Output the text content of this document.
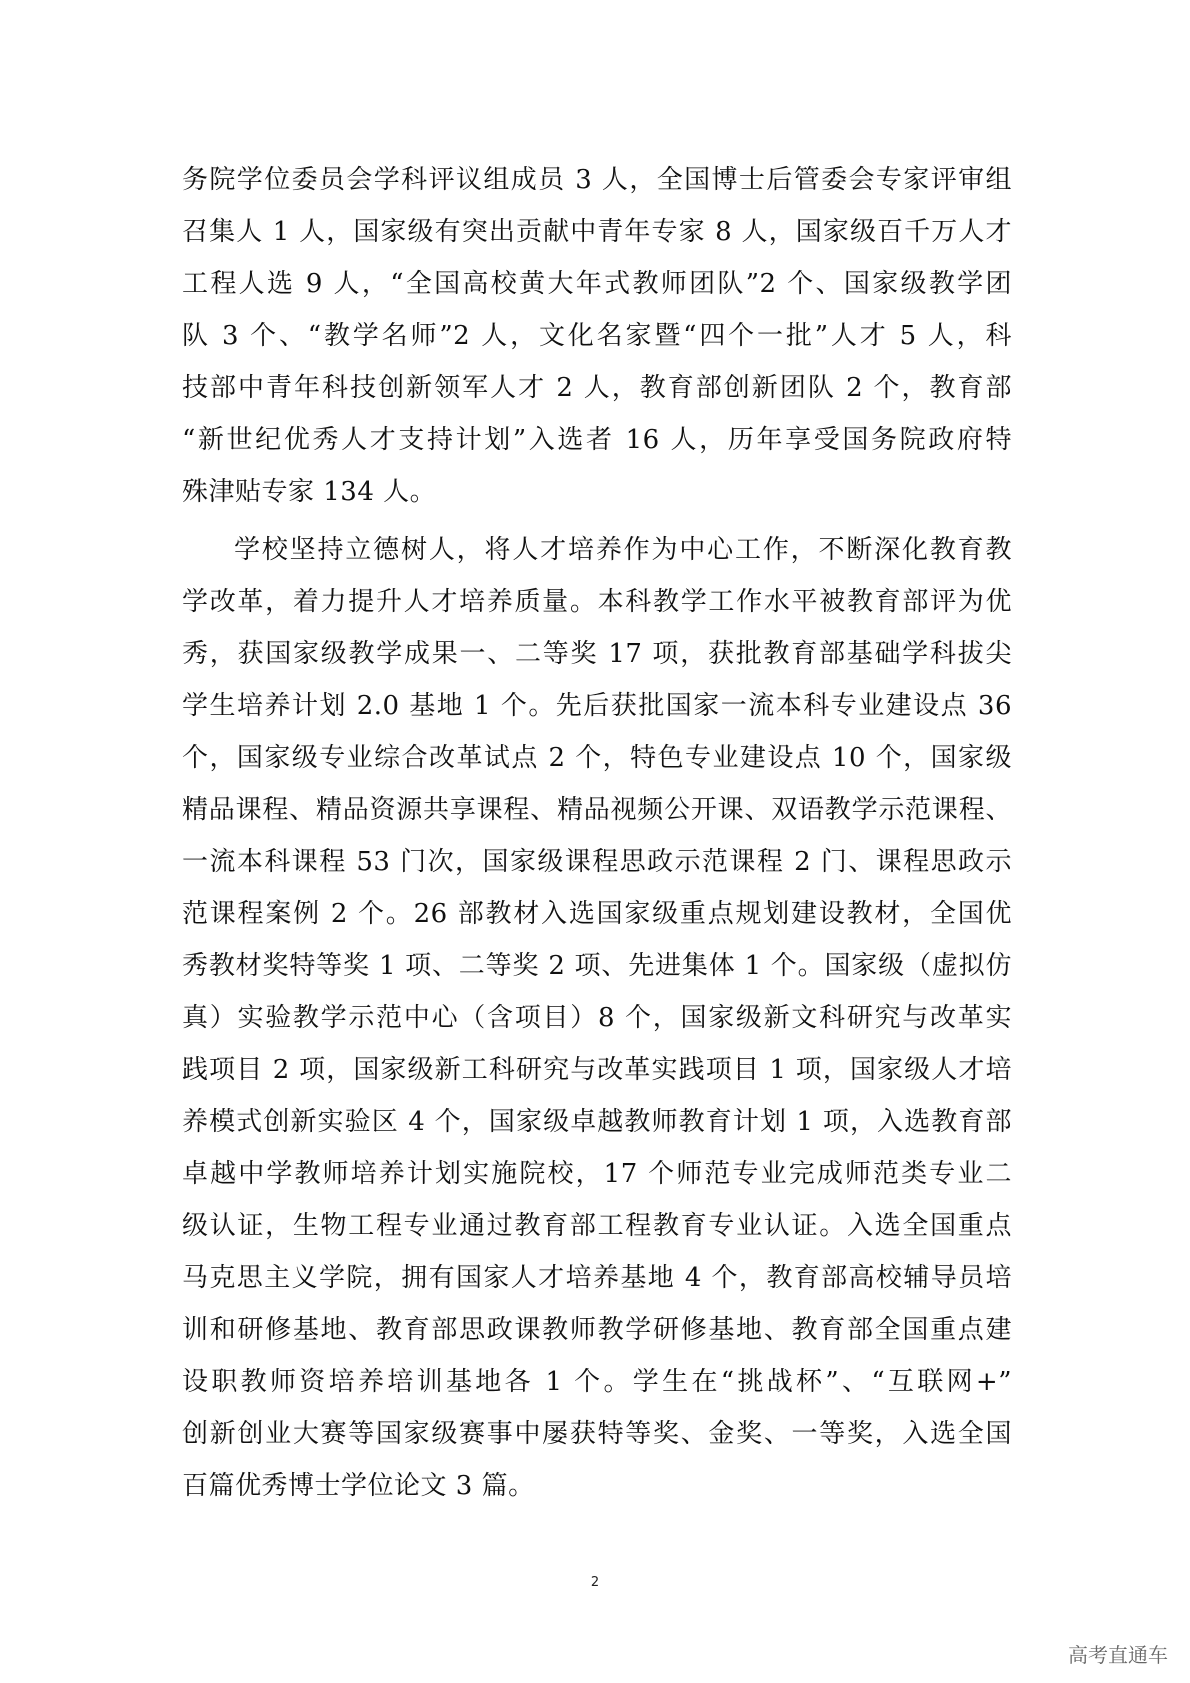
务院学位委员会学科评议组成员 3 人，全国博士后管委会专家评审组
召集人 1 人，国家级有突出贡献中青年专家 8 人，国家级百千万人才
工程人选 9 人，“全国高校黄大年式教师团队”2 个、国家级教学团
队 3 个、“教学名师”2 人，文化名家暨“四个一批”人才 5 人，科
技部中青年科技创新领军人才 2 人，教育部创新团队 2 个，教育部
“新世纪优秀人才支持计划”入选者 16 人，历年享受国务院政府特
殊津贴专家 134 人。
学校坚持立德树人，将人才培养作为中心工作，不断深化教育教
学改革，着力提升人才培养质量。本科教学工作水平被教育部评为优
秀，获国家级教学成果一、二等奖 17 项，获批教育部基础学科拔尖
学生培养计划 2.0 基地 1 个。先后获批国家一流本科专业建设点 36
个，国家级专业综合改革试点 2 个，特色专业建设点 10 个，国家级
精品课程、精品资源共享课程、精品视频公开课、双语教学示范课程、
一流本科课程 53 门次，国家级课程思政示范课程 2 门、课程思政示
范课程案例 2 个。26 部教材入选国家级重点规划建设教材，全国优
秀教材奖特等奖 1 项、二等奖 2 项、先进集体 1 个。国家级（虚拟仿
真）实验教学示范中心（含项目）8 个，国家级新文科研究与改革实
践项目 2 项，国家级新工科研究与改革实践项目 1 项，国家级人才培
养模式创新实验区 4 个，国家级卓越教师教育计划 1 项，入选教育部
卓越中学教师培养计划实施院校，17 个师范专业完成师范类专业二
级认证，生物工程专业通过教育部工程教育专业认证。入选全国重点
马克思主义学院，拥有国家人才培养基地 4 个，教育部高校辅导员培
训和研修基地、教育部思政课教师教学研修基地、教育部全国重点建
设职教师资培养培训基地各 1 个。学生在“挑战杯”、“互联网+”
创新创业大赛等国家级赛事中屡获特等奖、金奖、一等奖，入选全国
百篇优秀博士学位论文 3 篇。
2
高考直通车
